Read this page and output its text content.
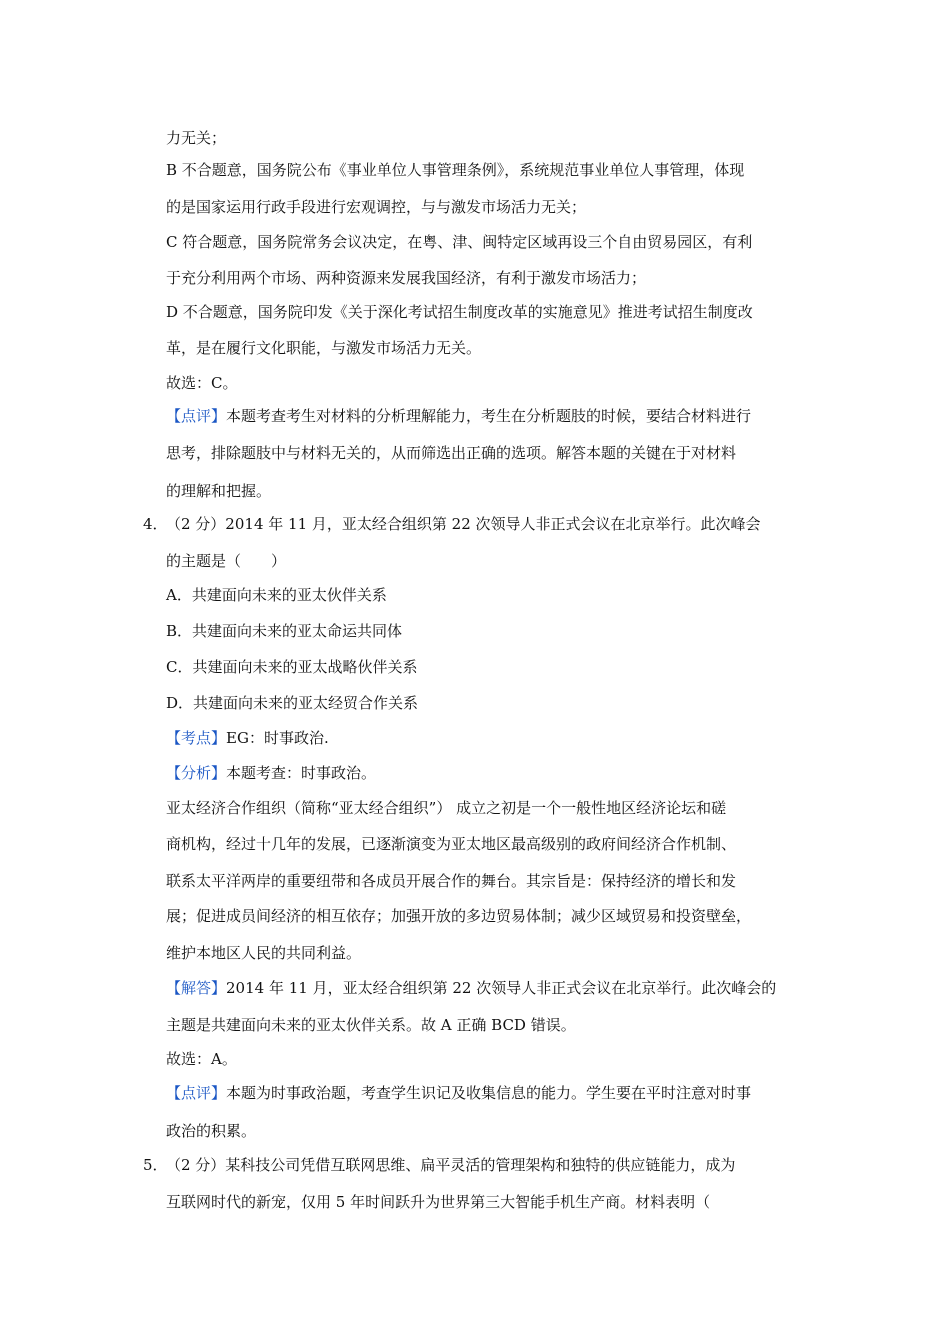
力无关；
B 不合题意，国务院公布《事业单位人事管理条例》，系统规范事业单位人事管理，体现
的是国家运用行政手段进行宏观调控，与与激发市场活力无关；
C 符合题意，国务院常务会议决定，在粤、津、闽特定区域再设三个自由贸易园区，有利
于充分利用两个市场、两种资源来发展我国经济，有利于激发市场活力；
D 不合题意，国务院印发《关于深化考试招生制度改革的实施意见》推进考试招生制度改
革，是在履行文化职能，与激发市场活力无关。
故选：C。
【点评】本题考查考生对材料的分析理解能力，考生在分析题肢的时候，要结合材料进行
思考，排除题肢中与材料无关的，从而筛选出正确的选项。解答本题的关键在于对材料
的理解和把握。
4．
（2 分）2014 年 11 月，亚太经合组织第 22 次领导人非正式会议在北京举行。此次峰会
的主题是（　　）
A．共建面向未来的亚太伙伴关系
B．共建面向未来的亚太命运共同体
C．共建面向未来的亚太战略伙伴关系
D．共建面向未来的亚太经贸合作关系
【考点】EG：时事政治.
【分析】本题考查：时事政治。
亚太经济合作组织（简称“亚太经合组织”） 成立之初是一个一般性地区经济论坛和磋
商机构，经过十几年的发展，已逐渐演变为亚太地区最高级别的政府间经济合作机制、
联系太平洋两岸的重要纽带和各成员开展合作的舞台。其宗旨是：保持经济的增长和发
展；促进成员间经济的相互依存；加强开放的多边贸易体制；减少区域贸易和投资壁垒，
维护本地区人民的共同利益。
【解答】2014 年 11 月，亚太经合组织第 22 次领导人非正式会议在北京举行。此次峰会的
主题是共建面向未来的亚太伙伴关系。故 A 正确 BCD 错误。
故选：A。
【点评】本题为时事政治题，考查学生识记及收集信息的能力。学生要在平时注意对时事
政治的积累。
5．
（2 分）某科技公司凭借互联网思维、扁平灵活的管理架构和独特的供应链能力，成为
互联网时代的新宠，仅用 5 年时间跃升为世界第三大智能手机生产商。材料表明（
